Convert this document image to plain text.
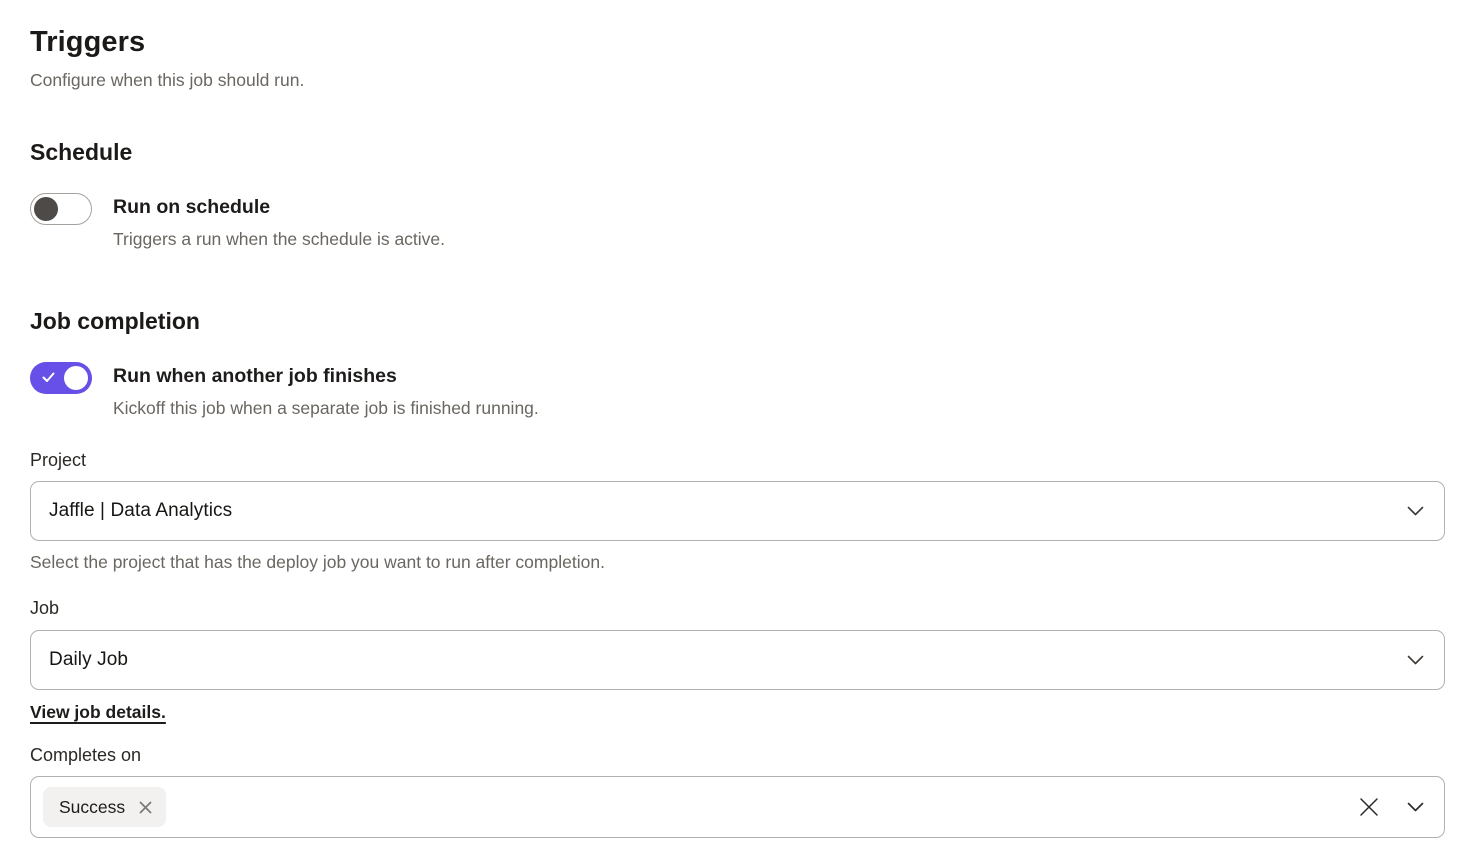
Triggers

Configure when this job should run.

Schedule
Run on schedule
Triggers a run when the schedule is active.
Job completion
Run when another job finishes
Kickoff this job when a separate job is finished running.
Project
Jaffle | Data Analytics

Select the project that has the deploy job you want to run after completion.

Job
Daily Job
View job details.
Completes on
Success
